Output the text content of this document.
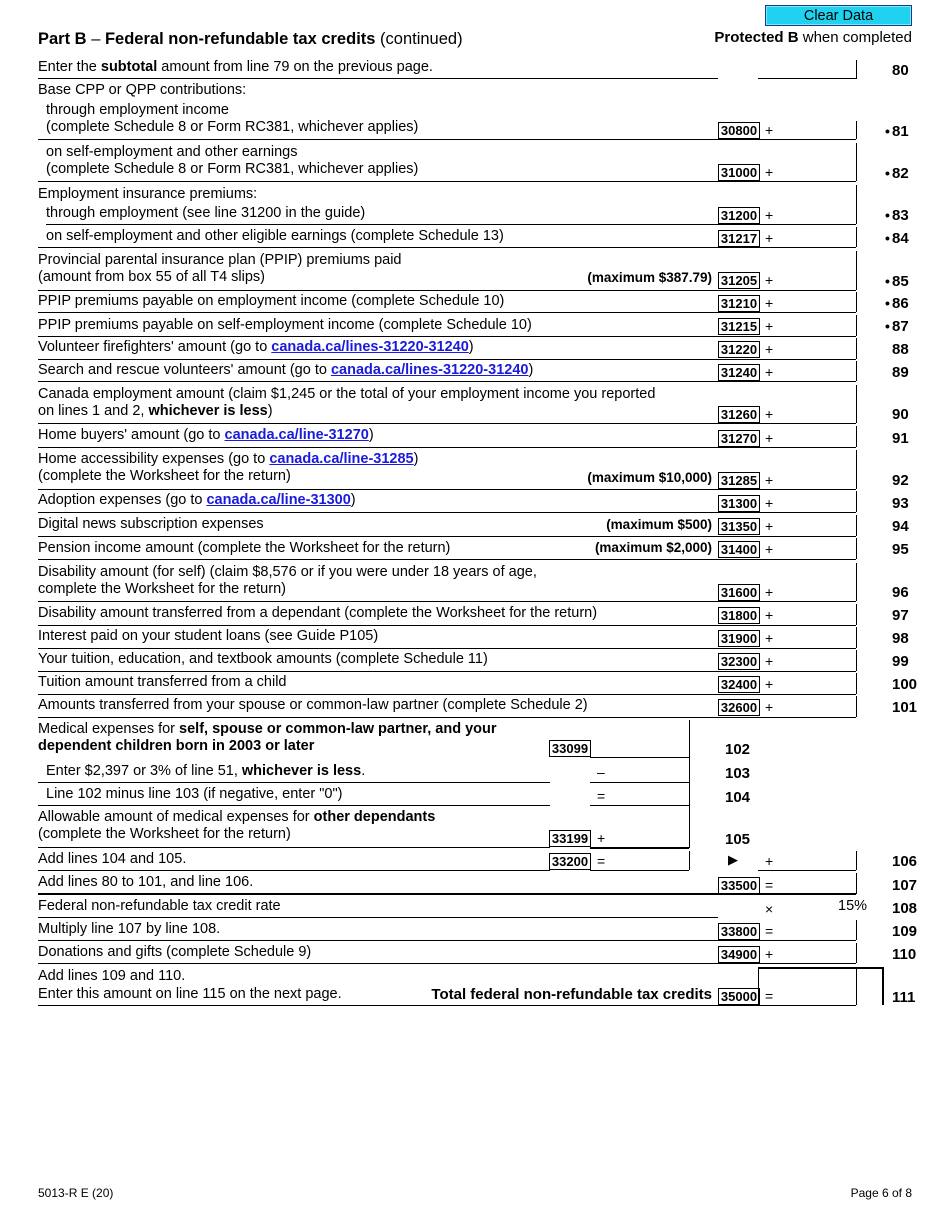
Clear Data
Part B – Federal non-refundable tax credits (continued)	Protected B when completed
Enter the subtotal amount from line 79 on the previous page.	80
Base CPP or QPP contributions:
through employment income
(complete Schedule 8 or Form RC381, whichever applies)	30800 +	• 81
on self-employment and other earnings
(complete Schedule 8 or Form RC381, whichever applies)	31000 +	• 82
Employment insurance premiums:
through employment (see line 31200 in the guide)	31200 +	• 83
on self-employment and other eligible earnings (complete Schedule 13)	31217 +	• 84
Provincial parental insurance plan (PPIP) premiums paid
(amount from box 55 of all T4 slips)	(maximum $387.79) 31205 +	• 85
PPIP premiums payable on employment income (complete Schedule 10)	31210 +	• 86
PPIP premiums payable on self-employment income (complete Schedule 10)	31215 +	• 87
Volunteer firefighters' amount (go to canada.ca/lines-31220-31240)	31220 +	88
Search and rescue volunteers' amount (go to canada.ca/lines-31220-31240)	31240 +	89
Canada employment amount (claim $1,245 or the total of your employment income you reported
on lines 1 and 2, whichever is less)	31260 +	90
Home buyers' amount (go to canada.ca/line-31270)	31270 +	91
Home accessibility expenses (go to canada.ca/line-31285)
(complete the Worksheet for the return)	(maximum $10,000) 31285 +	92
Adoption expenses (go to canada.ca/line-31300)	31300 +	93
Digital news subscription expenses	(maximum $500) 31350 +	94
Pension income amount (complete the Worksheet for the return)	(maximum $2,000) 31400 +	95
Disability amount (for self) (claim $8,576 or if you were under 18 years of age,
complete the Worksheet for the return)	31600 +	96
Disability amount transferred from a dependant (complete the Worksheet for the return)	31800 +	97
Interest paid on your student loans (see Guide P105)	31900 +	98
Your tuition, education, and textbook amounts (complete Schedule 11)	32300 +	99
Tuition amount transferred from a child	32400 +	100
Amounts transferred from your spouse or common-law partner (complete Schedule 2)	32600 +	101
Medical expenses for self, spouse or common-law partner, and your
dependent children born in 2003 or later	33099	102
Enter $2,397 or 3% of line 51, whichever is less.	–	103
Line 102 minus line 103 (if negative, enter "0")	=	104
Allowable amount of medical expenses for other dependants
(complete the Worksheet for the return)	33199 +	105
Add lines 104 and 105.	33200 =	▶ +	106
Add lines 80 to 101, and line 106.	33500 =	107
Federal non-refundable tax credit rate	×	15% 108
Multiply line 107 by line 108.	33800 =	109
Donations and gifts (complete Schedule 9)	34900 +	110
Add lines 109 and 110.
Enter this amount on line 115 on the next page.	Total federal non-refundable tax credits 35000 =	111
5013-R E (20)	Page 6 of 8
